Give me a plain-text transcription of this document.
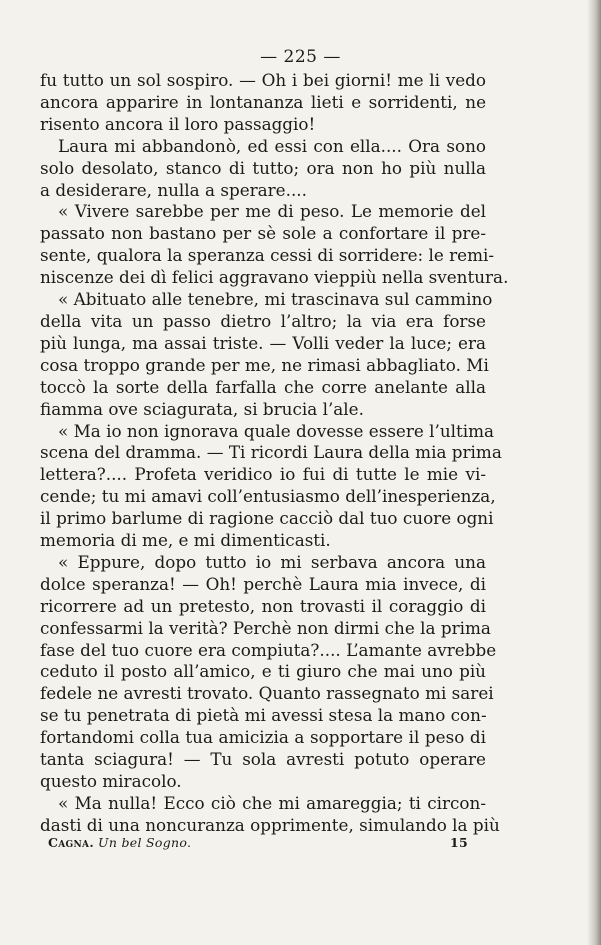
— 225 —
fu tutto un sol sospiro. — Oh i bei giorni! me li vedo
ancora apparire in lontananza lieti e sorridenti, ne
risento ancora il loro passaggio!
Laura mi abbandonò, ed essi con ella.... Ora sono
solo desolato, stanco di tutto; ora non ho più nulla
a desiderare, nulla a sperare....
« Vivere sarebbe per me di peso. Le memorie del
passato non bastano per sè sole a confortare il pre-
sente, qualora la speranza cessi di sorridere: le remi-
niscenze dei dì felici aggravano vieppiù nella sventura.
« Abituato alle tenebre, mi trascinava sul cammino
della vita un passo dietro l’altro; la via era forse
più lunga, ma assai triste. — Volli veder la luce; era
cosa troppo grande per me, ne rimasi abbagliato. Mi
toccò la sorte della farfalla che corre anelante alla
fiamma ove sciagurata, si brucia l’ale.
« Ma io non ignorava quale dovesse essere l’ultima
scena del dramma. — Ti ricordi Laura della mia prima
lettera?.... Profeta veridico io fui di tutte le mie vi-
cende; tu mi amavi coll’entusiasmo dell’inesperienza,
il primo barlume di ragione cacciò dal tuo cuore ogni
memoria di me, e mi dimenticasti.
« Eppure, dopo tutto io mi serbava ancora una
dolce speranza! — Oh! perchè Laura mia invece, di
ricorrere ad un pretesto, non trovasti il coraggio di
confessarmi la verità? Perchè non dirmi che la prima
fase del tuo cuore era compiuta?.... L’amante avrebbe
ceduto il posto all’amico, e ti giuro che mai uno più
fedele ne avresti trovato. Quanto rassegnato mi sarei
se tu penetrata di pietà mi avessi stesa la mano con-
fortandomi colla tua amicizia a sopportare il peso di
tanta sciagura! — Tu sola avresti potuto operare
questo miracolo.
« Ma nulla! Ecco ciò che mi amareggia; ti circon-
dasti di una noncuranza opprimente, simulando la più
Cagna. Un bel Sogno.	15
